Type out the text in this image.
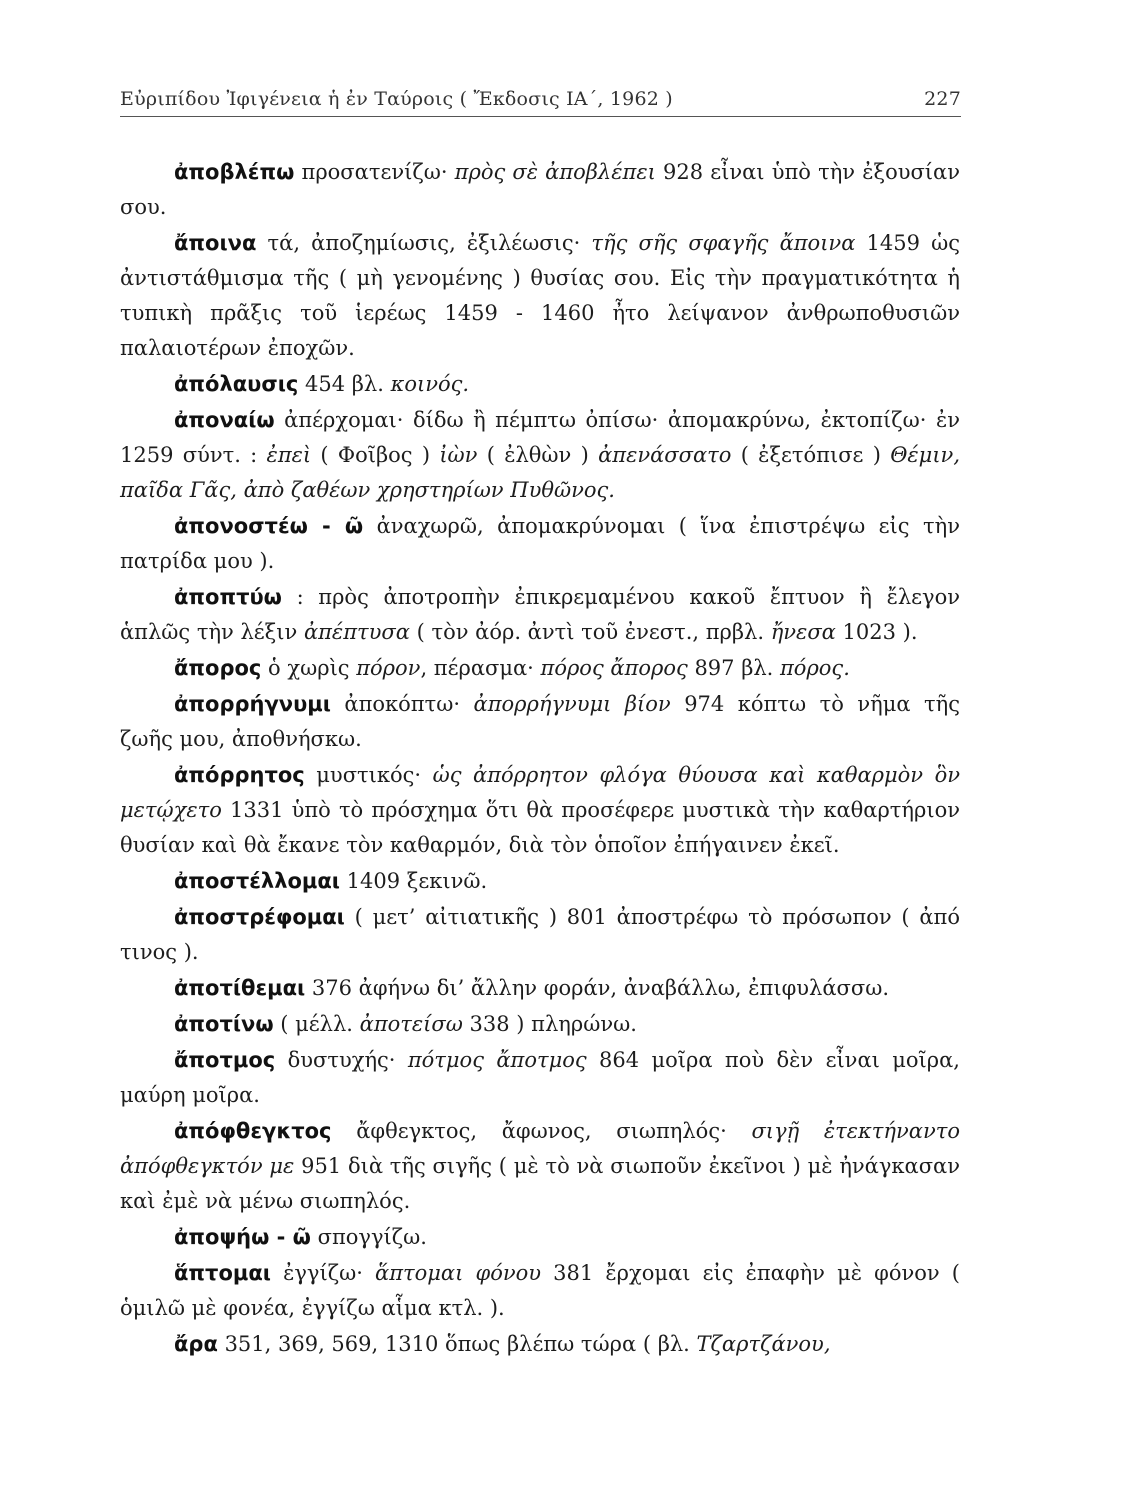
Εὐριπίδου Ἰφιγένεια ἡ ἐν Ταύροις ( Ἔκδοσις ΙΑ΄, 1962 )	227

ἀποβλέπω προσατενίζω· πρὸς σὲ ἀποβλέπει 928 εἶναι ὑπὸ τὴν ἐξουσίαν σου.

ἄποινα τά, ἀποζημίωσις, ἐξιλέωσις· τῆς σῆς σφαγῆς ἄποινα 1459 ὡς ἀντιστάθμισμα τῆς ( μὴ γενομένης ) θυσίας σου. Εἰς τὴν πραγματικότητα ἡ τυπικὴ πρᾶξις τοῦ ἱερέως 1459 - 1460 ἦτο λείψανον ἀνθρωποθυσιῶν παλαιοτέρων ἐποχῶν.

ἀπόλαυσις 454 βλ. κοινός.

ἀποναίω ἀπέρχομαι· δίδω ἢ πέμπτω ὀπίσω· ἀπομακρύνω, ἐκτοπίζω· ἐν 1259 σύντ. : ἐπεὶ ( Φοῖβος ) ἰὼν ( ἐλθὼν ) ἀπενάσσατο ( ἐξετόπισε ) Θέμιν, παῖδα Γᾶς, ἀπὸ ζαθέων χρηστηρίων Πυθῶνος.

ἀπονοστέω - ῶ ἀναχωρῶ, ἀπομακρύνομαι ( ἵνα ἐπιστρέψω εἰς τὴν πατρίδα μου ).

ἀποπτύω : πρὸς ἀποτροπὴν ἐπικρεμαμένου κακοῦ ἔπτυον ἢ ἔλεγον ἁπλῶς τὴν λέξιν ἀπέπτυσα ( τὸν ἀόρ. ἀντὶ τοῦ ἐνεστ., πρβλ. ἤνεσα 1023 ).

ἄπορος ὁ χωρὶς πόρον, πέρασμα· πόρος ἄπορος 897 βλ. πόρος.

ἀπορρήγνυμι ἀποκόπτω· ἀπορρήγνυμι βίον 974 κόπτω τὸ νῆμα τῆς ζωῆς μου, ἀποθνήσκω.

ἀπόρρητος μυστικός· ὡς ἀπόρρητον φλόγα θύουσα καὶ καθαρμὸν ὃν μετῴχετο 1331 ὑπὸ τὸ πρόσχημα ὅτι θὰ προσέφερε μυστικὰ τὴν καθαρτήριον θυσίαν καὶ θὰ ἔκανε τὸν καθαρμόν, διὰ τὸν ὁποῖον ἐπήγαινεν ἐκεῖ.

ἀποστέλλομαι 1409 ξεκινῶ.

ἀποστρέφομαι ( μετ’ αἰτιατικῆς ) 801 ἀποστρέφω τὸ πρόσωπον ( ἀπό τινος ).

ἀποτίθεμαι 376 ἀφήνω δι’ ἄλλην φοράν, ἀναβάλλω, ἐπιφυλάσσω.

ἀποτίνω ( μέλλ. ἀποτείσω 338 ) πληρώνω.

ἄποτμος δυστυχής· πότμος ἄποτμος 864 μοῖρα ποὺ δὲν εἶναι μοῖρα, μαύρη μοῖρα.

ἀπόφθεγκτος ἄφθεγκτος, ἄφωνος, σιωπηλός· σιγῇ ἐτεκτήναντο ἀπόφθεγκτόν με 951 διὰ τῆς σιγῆς ( μὲ τὸ νὰ σιωποῦν ἐκεῖνοι ) μὲ ἠνάγκασαν καὶ ἐμὲ νὰ μένω σιωπηλός.

ἀποψήω - ῶ σπογγίζω.

ἅπτομαι ἐγγίζω· ἅπτομαι φόνου 381 ἔρχομαι εἰς ἐπαφὴν μὲ φόνον ( ὁμιλῶ μὲ φονέα, ἐγγίζω αἷμα κτλ. ).

ἄρα 351, 369, 569, 1310 ὅπως βλέπω τώρα ( βλ. Τζαρτζάνου,
